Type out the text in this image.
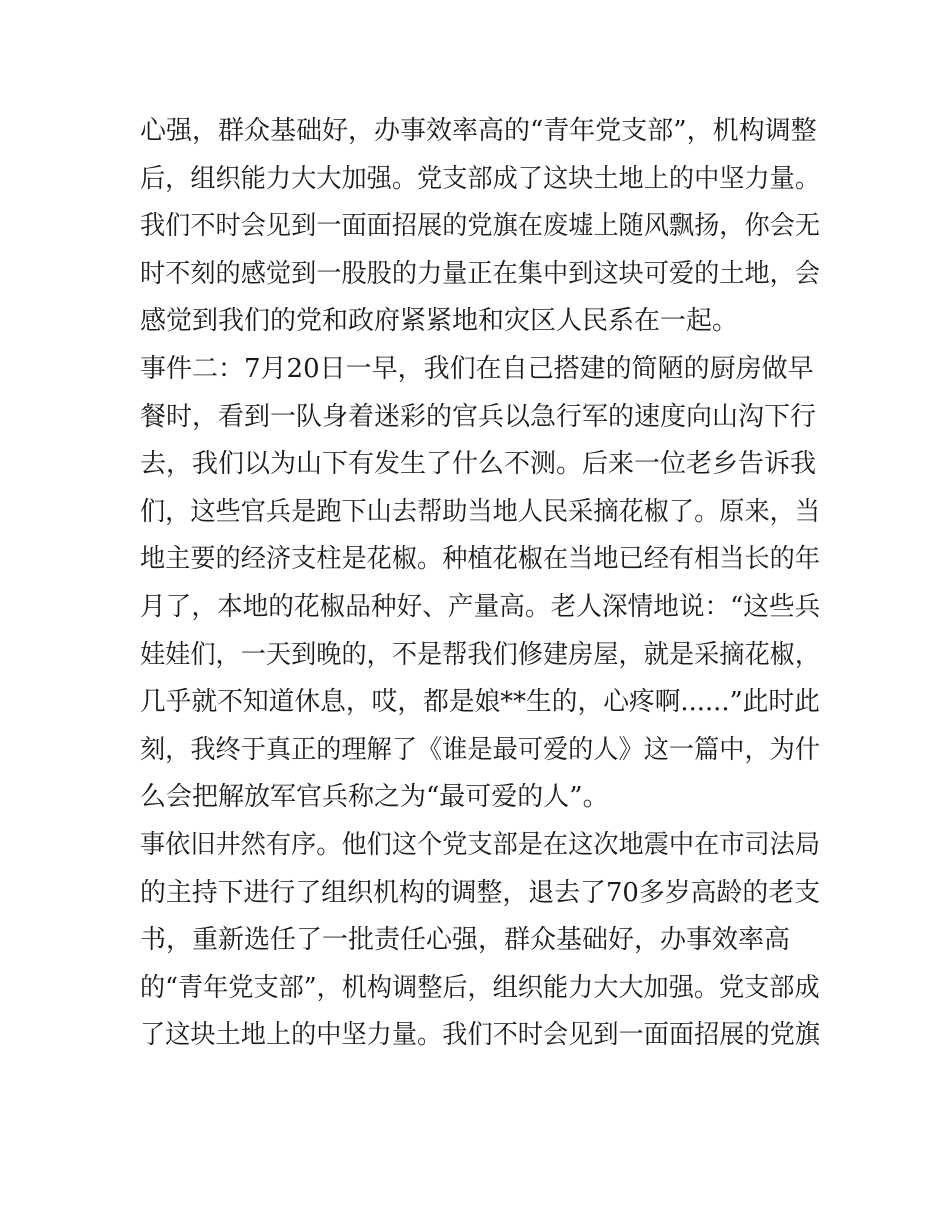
心强，群众基础好，办事效率高的“青年党支部”，机构调整
后，组织能力大大加强。党支部成了这块土地上的中坚力量。
我们不时会见到一面面招展的党旗在废墟上随风飘扬，你会无
时不刻的感觉到一股股的力量正在集中到这块可爱的土地，会
感觉到我们的党和政府紧紧地和灾区人民系在一起。
事件二：7月20日一早，我们在自己搭建的简陋的厨房做早
餐时，看到一队身着迷彩的官兵以急行军的速度向山沟下行
去，我们以为山下有发生了什么不测。后来一位老乡告诉我
们，这些官兵是跑下山去帮助当地人民采摘花椒了。原来，当
地主要的经济支柱是花椒。种植花椒在当地已经有相当长的年
月了，本地的花椒品种好、产量高。老人深情地说：“这些兵
娃娃们，一天到晚的，不是帮我们修建房屋，就是采摘花椒，
几乎就不知道休息，哎，都是娘**生的，心疼啊......”此时此
刻，我终于真正的理解了《谁是最可爱的人》这一篇中，为什
么会把解放军官兵称之为“最可爱的人”。
事依旧井然有序。他们这个党支部是在这次地震中在市司法局
的主持下进行了组织机构的调整，退去了70多岁高龄的老支
书，重新选任了一批责任心强，群众基础好，办事效率高
的“青年党支部”，机构调整后，组织能力大大加强。党支部成
了这块土地上的中坚力量。我们不时会见到一面面招展的党旗
